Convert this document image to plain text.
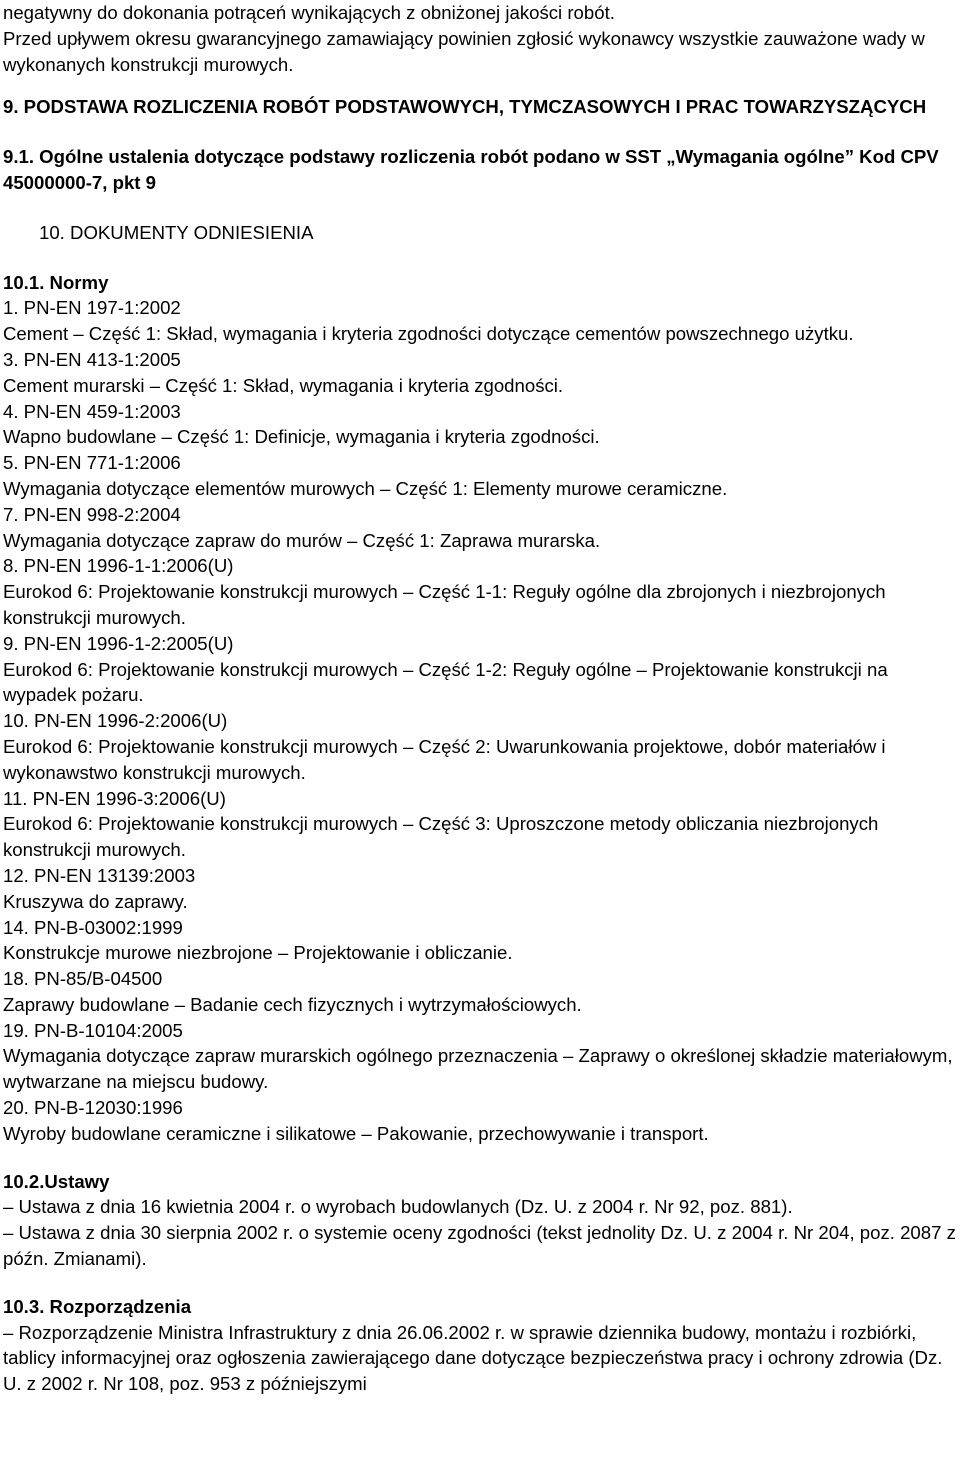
negatywny do dokonania potrąceń wynikających z obniżonej jakości robót.

Przed upływem okresu gwarancyjnego zamawiający powinien zgłosić wykonawcy wszystkie zauważone wady w wykonanych konstrukcji murowych.

9. PODSTAWA ROZLICZENIA ROBÓT PODSTAWOWYCH, TYMCZASOWYCH I PRAC TOWARZYSZĄCYCH

9.1. Ogólne ustalenia dotyczące podstawy rozliczenia robót podano w SST „Wymagania ogólne” Kod CPV 45000000-7, pkt 9

10. DOKUMENTY ODNIESIENIA

10.1. Normy

1. PN-EN 197-1:2002
Cement – Część 1: Skład, wymagania i kryteria zgodności dotyczące cementów powszechnego użytku.
3. PN-EN 413-1:2005
Cement murarski – Część 1: Skład, wymagania i kryteria zgodności.
4. PN-EN 459-1:2003
Wapno budowlane – Część 1: Definicje, wymagania i kryteria zgodności.
5. PN-EN 771-1:2006
Wymagania dotyczące elementów murowych – Część 1: Elementy murowe ceramiczne.
7. PN-EN 998-2:2004
Wymagania dotyczące zapraw do murów – Część 1: Zaprawa murarska.
8. PN-EN 1996-1-1:2006(U)
Eurokod 6: Projektowanie konstrukcji murowych – Część 1-1: Reguły ogólne dla zbrojonych i niezbrojonych konstrukcji murowych.
9. PN-EN 1996-1-2:2005(U)
Eurokod 6: Projektowanie konstrukcji murowych – Część 1-2: Reguły ogólne – Projektowanie konstrukcji na wypadek pożaru.
10. PN-EN 1996-2:2006(U)
Eurokod 6: Projektowanie konstrukcji murowych – Część 2: Uwarunkowania projektowe, dobór materiałów i wykonawstwo konstrukcji murowych.
11. PN-EN 1996-3:2006(U)
Eurokod 6: Projektowanie konstrukcji murowych – Część 3: Uproszczone metody obliczania niezbrojonych konstrukcji murowych.
12. PN-EN 13139:2003
Kruszywa do zaprawy.
14. PN-B-03002:1999
Konstrukcje murowe niezbrojone – Projektowanie i obliczanie.
18. PN-85/B-04500
Zaprawy budowlane – Badanie cech fizycznych i wytrzymałościowych.
19. PN-B-10104:2005
Wymagania dotyczące zapraw murarskich ogólnego przeznaczenia – Zaprawy o określonej składzie materiałowym, wytwarzane na miejscu budowy.
20. PN-B-12030:1996
Wyroby budowlane ceramiczne i silikatowe – Pakowanie, przechowywanie i transport.

10.2.Ustawy

– Ustawa z dnia 16 kwietnia 2004 r. o wyrobach budowlanych (Dz. U. z 2004 r. Nr 92, poz. 881).

– Ustawa z dnia 30 sierpnia 2002 r. o systemie oceny zgodności (tekst jednolity Dz. U. z 2004 r. Nr 204, poz. 2087 z późn. Zmianami).

10.3. Rozporządzenia

– Rozporządzenie Ministra Infrastruktury z dnia 26.06.2002 r. w sprawie dziennika budowy, montażu i rozbiórki, tablicy informacyjnej oraz ogłoszenia zawierającego dane dotyczące bezpieczeństwa pracy i ochrony zdrowia (Dz. U. z 2002 r. Nr 108, poz. 953 z późniejszymi
